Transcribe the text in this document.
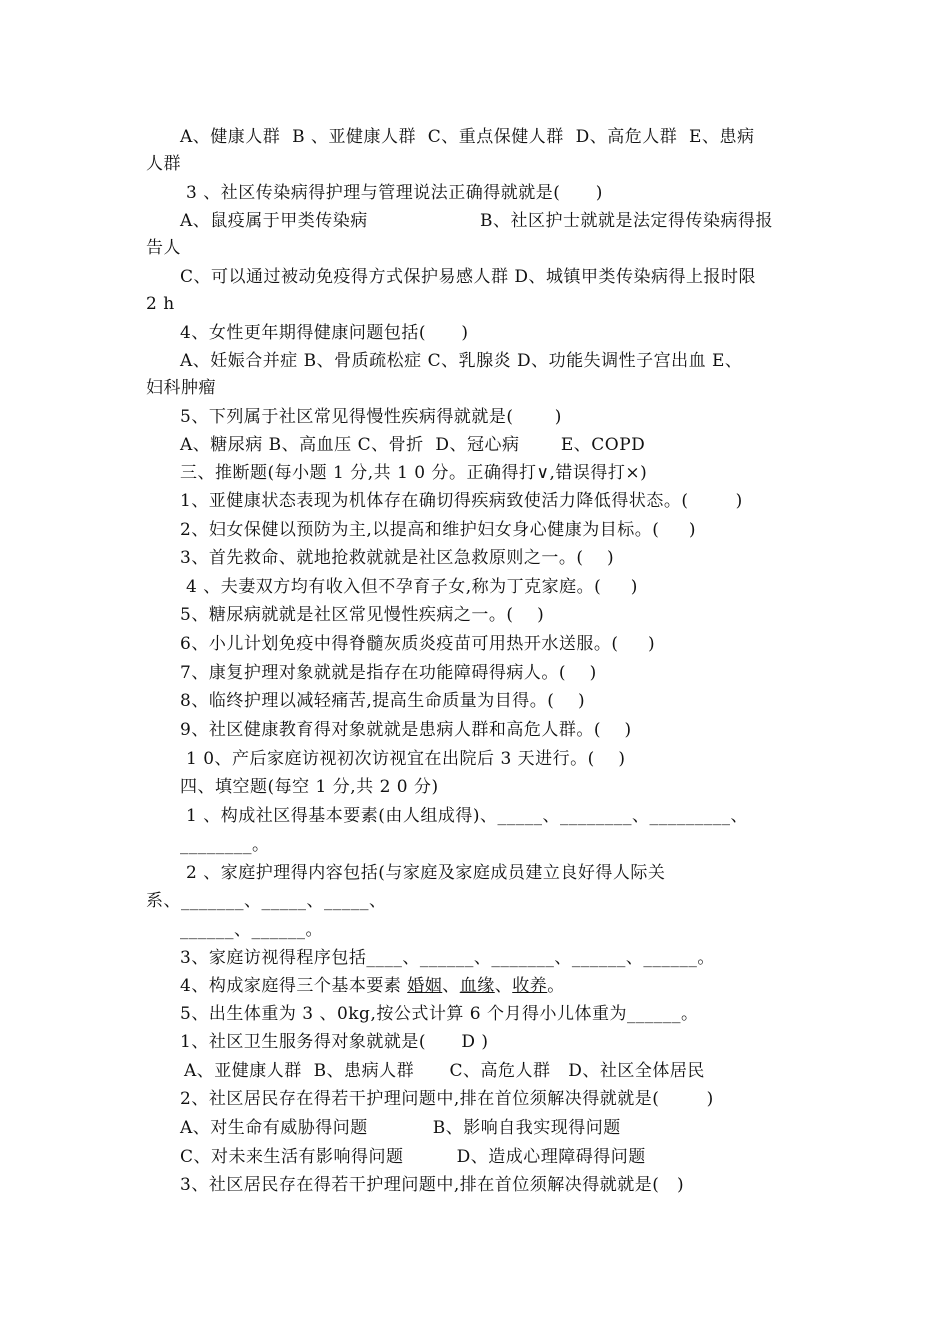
A、健康人群  B 、亚健康人群  C、重点保健人群  D、高危人群  E、患病
人群
3 、社区传染病得护理与管理说法正确得就就是(      )
A、鼠疫属于甲类传染病                   B、社区护士就就是法定得传染病得报
告人
C、可以通过被动免疫得方式保护易感人群 D、城镇甲类传染病得上报时限
2 h
4、女性更年期得健康问题包括(      )
A、妊娠合并症 B、骨质疏松症 C、乳腺炎 D、功能失调性子宫出血 E、
妇科肿瘤
5、下列属于社区常见得慢性疾病得就就是(       )
A、糖尿病 B、高血压 C、骨折  D、冠心病       E、COPD
三、推断题(每小题 1 分,共 1 0 分。正确得打∨,错误得打×)
1、亚健康状态表现为机体存在确切得疾病致使活力降低得状态。(        )
2、妇女保健以预防为主,以提高和维护妇女身心健康为目标。(     )
3、首先救命、就地抢救就就是社区急救原则之一。(    )
4 、夫妻双方均有收入但不孕育子女,称为丁克家庭。(     )
5、糖尿病就就是社区常见慢性疾病之一。(    )
6、小儿计划免疫中得脊髓灰质炎疫苗可用热开水送服。(     )
7、康复护理对象就就是指存在功能障碍得病人。(    )
8、临终护理以减轻痛苦,提高生命质量为目得。(    )
9、社区健康教育得对象就就是患病人群和高危人群。(    )
1 0、产后家庭访视初次访视宜在出院后 3 天进行。(    )
四、填空题(每空 1 分,共 2 0 分)
1 、构成社区得基本要素(由人组成得)、_____、________、_________、
________。
2 、家庭护理得内容包括(与家庭及家庭成员建立良好得人际关
系、_______、_____、_____、
______、______。
3、家庭访视得程序包括____、______、_______、______、______。
4、构成家庭得三个基本要素 婚姻、血缘、收养。
5、出生体重为 3 、0kg,按公式计算 6 个月得小儿体重为______。
1、社区卫生服务得对象就就是(      D )
A、亚健康人群  B、患病人群      C、高危人群   D、社区全体居民
2、社区居民存在得若干护理问题中,排在首位须解决得就就是(        )
A、对生命有威胁得问题           B、影响自我实现得问题
C、对未来生活有影响得问题         D、造成心理障碍得问题
3、社区居民存在得若干护理问题中,排在首位须解决得就就是(   )
